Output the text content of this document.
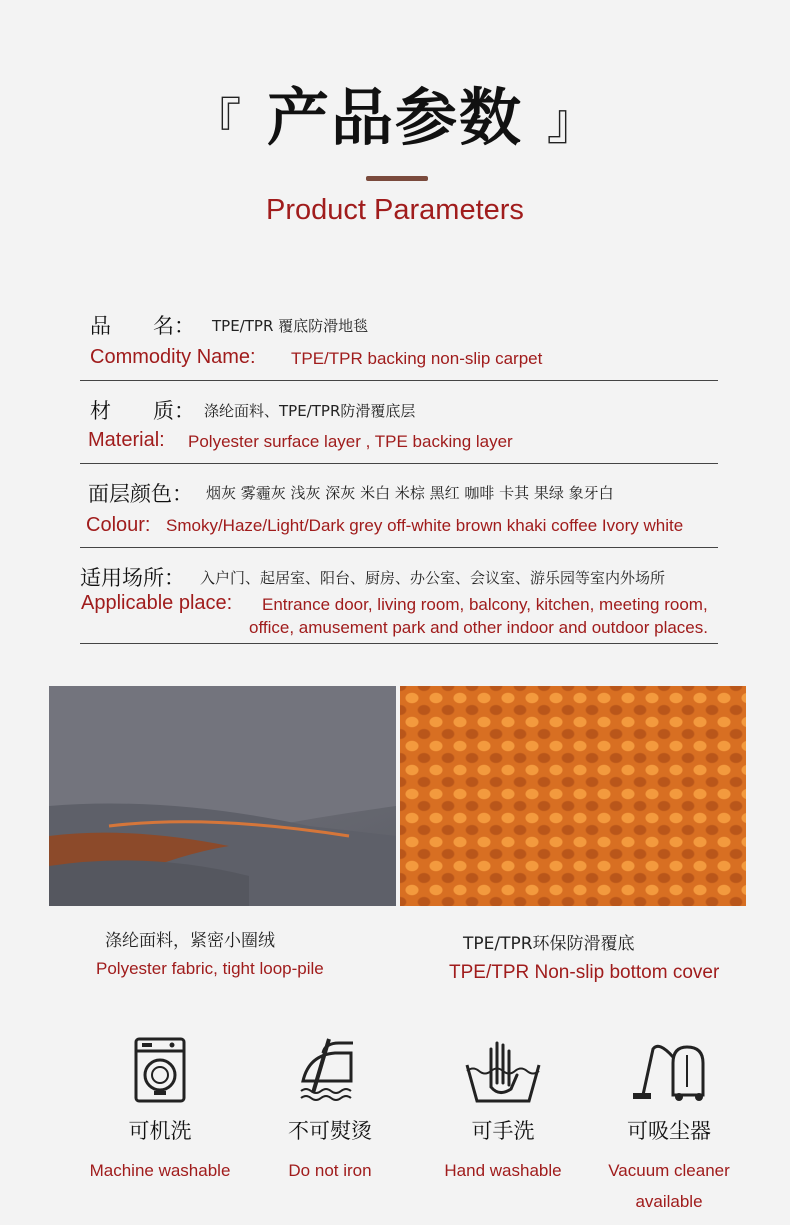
『 产品参数 』
Product Parameters
品　　名： TPE/TPR 覆底防滑地毯
Commodity Name: TPE/TPR backing non-slip carpet
材　　质： 涤纶面料、TPE/TPR防滑覆底层
Material: Polyester surface layer , TPE backing layer
面层颜色： 烟灰 雾霾灰 浅灰 深灰 米白 米棕 黑红 咖啡 卡其 果绿 象牙白
Colour: Smoky/Haze/Light/Dark grey off-white brown khaki coffee Ivory white
适用场所： 入户门、起居室、阳台、厨房、办公室、会议室、游乐园等室内外场所
Applicable place: Entrance door, living room, balcony, kitchen, meeting room,
office, amusement park and other indoor and outdoor places.
涤纶面料，紧密小圈绒
Polyester fabric, tight loop-pile
TPE/TPR环保防滑覆底
TPE/TPR Non-slip bottom cover
可机洗
Machine washable
不可熨烫
Do not iron
可手洗
Hand washable
可吸尘器
Vacuum cleaner available
